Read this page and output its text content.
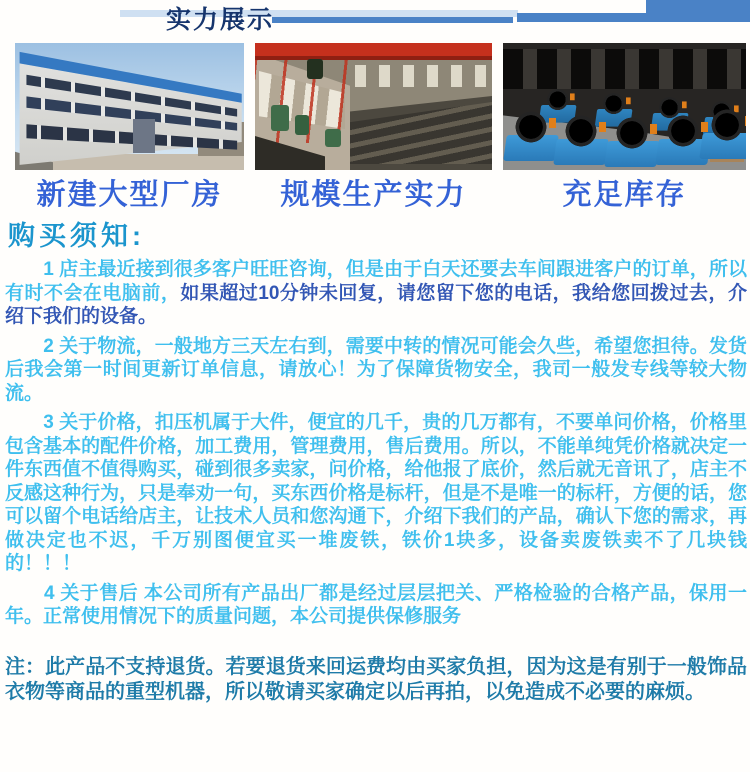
实力展示
新建大型厂房	规模生产实力	充足库存
购买须知:

　　1 店主最近接到很多客户旺旺咨询，但是由于白天还要去车间跟进客户的订单，所以有时不会在电脑前，如果超过10分钟未回复，请您留下您的电话，我给您回拨过去，介绍下我们的设备。

　　2 关于物流，一般地方三天左右到，需要中转的情况可能会久些，希望您担待。发货后我会第一时间更新订单信息，请放心！为了保障货物安全，我司一般发专线等较大物流。

　　3 关于价格，扣压机属于大件，便宜的几千，贵的几万都有，不要单问价格，价格里包含基本的配件价格，加工费用，管理费用，售后费用。所以，不能单纯凭价格就决定一件东西值不值得购买，碰到很多卖家，问价格，给他报了底价，然后就无音讯了，店主不反感这种行为，只是奉劝一句，买东西价格是标杆，但是不是唯一的标杆，方便的话，您可以留个电话给店主，让技术人员和您沟通下，介绍下我们的产品，确认下您的需求，再做决定也不迟，千万别图便宜买一堆废铁，铁价1块多，设备卖废铁卖不了几块钱的！！！

　　4 关于售后 本公司所有产品出厂都是经过层层把关、严格检验的合格产品，保用一年。正常使用情况下的质量问题，本公司提供保修服务

注：此产品不支持退货。若要退货来回运费均由买家负担，因为这是有别于一般饰品衣物等商品的重型机器，所以敬请买家确定以后再拍，以免造成不必要的麻烦。
